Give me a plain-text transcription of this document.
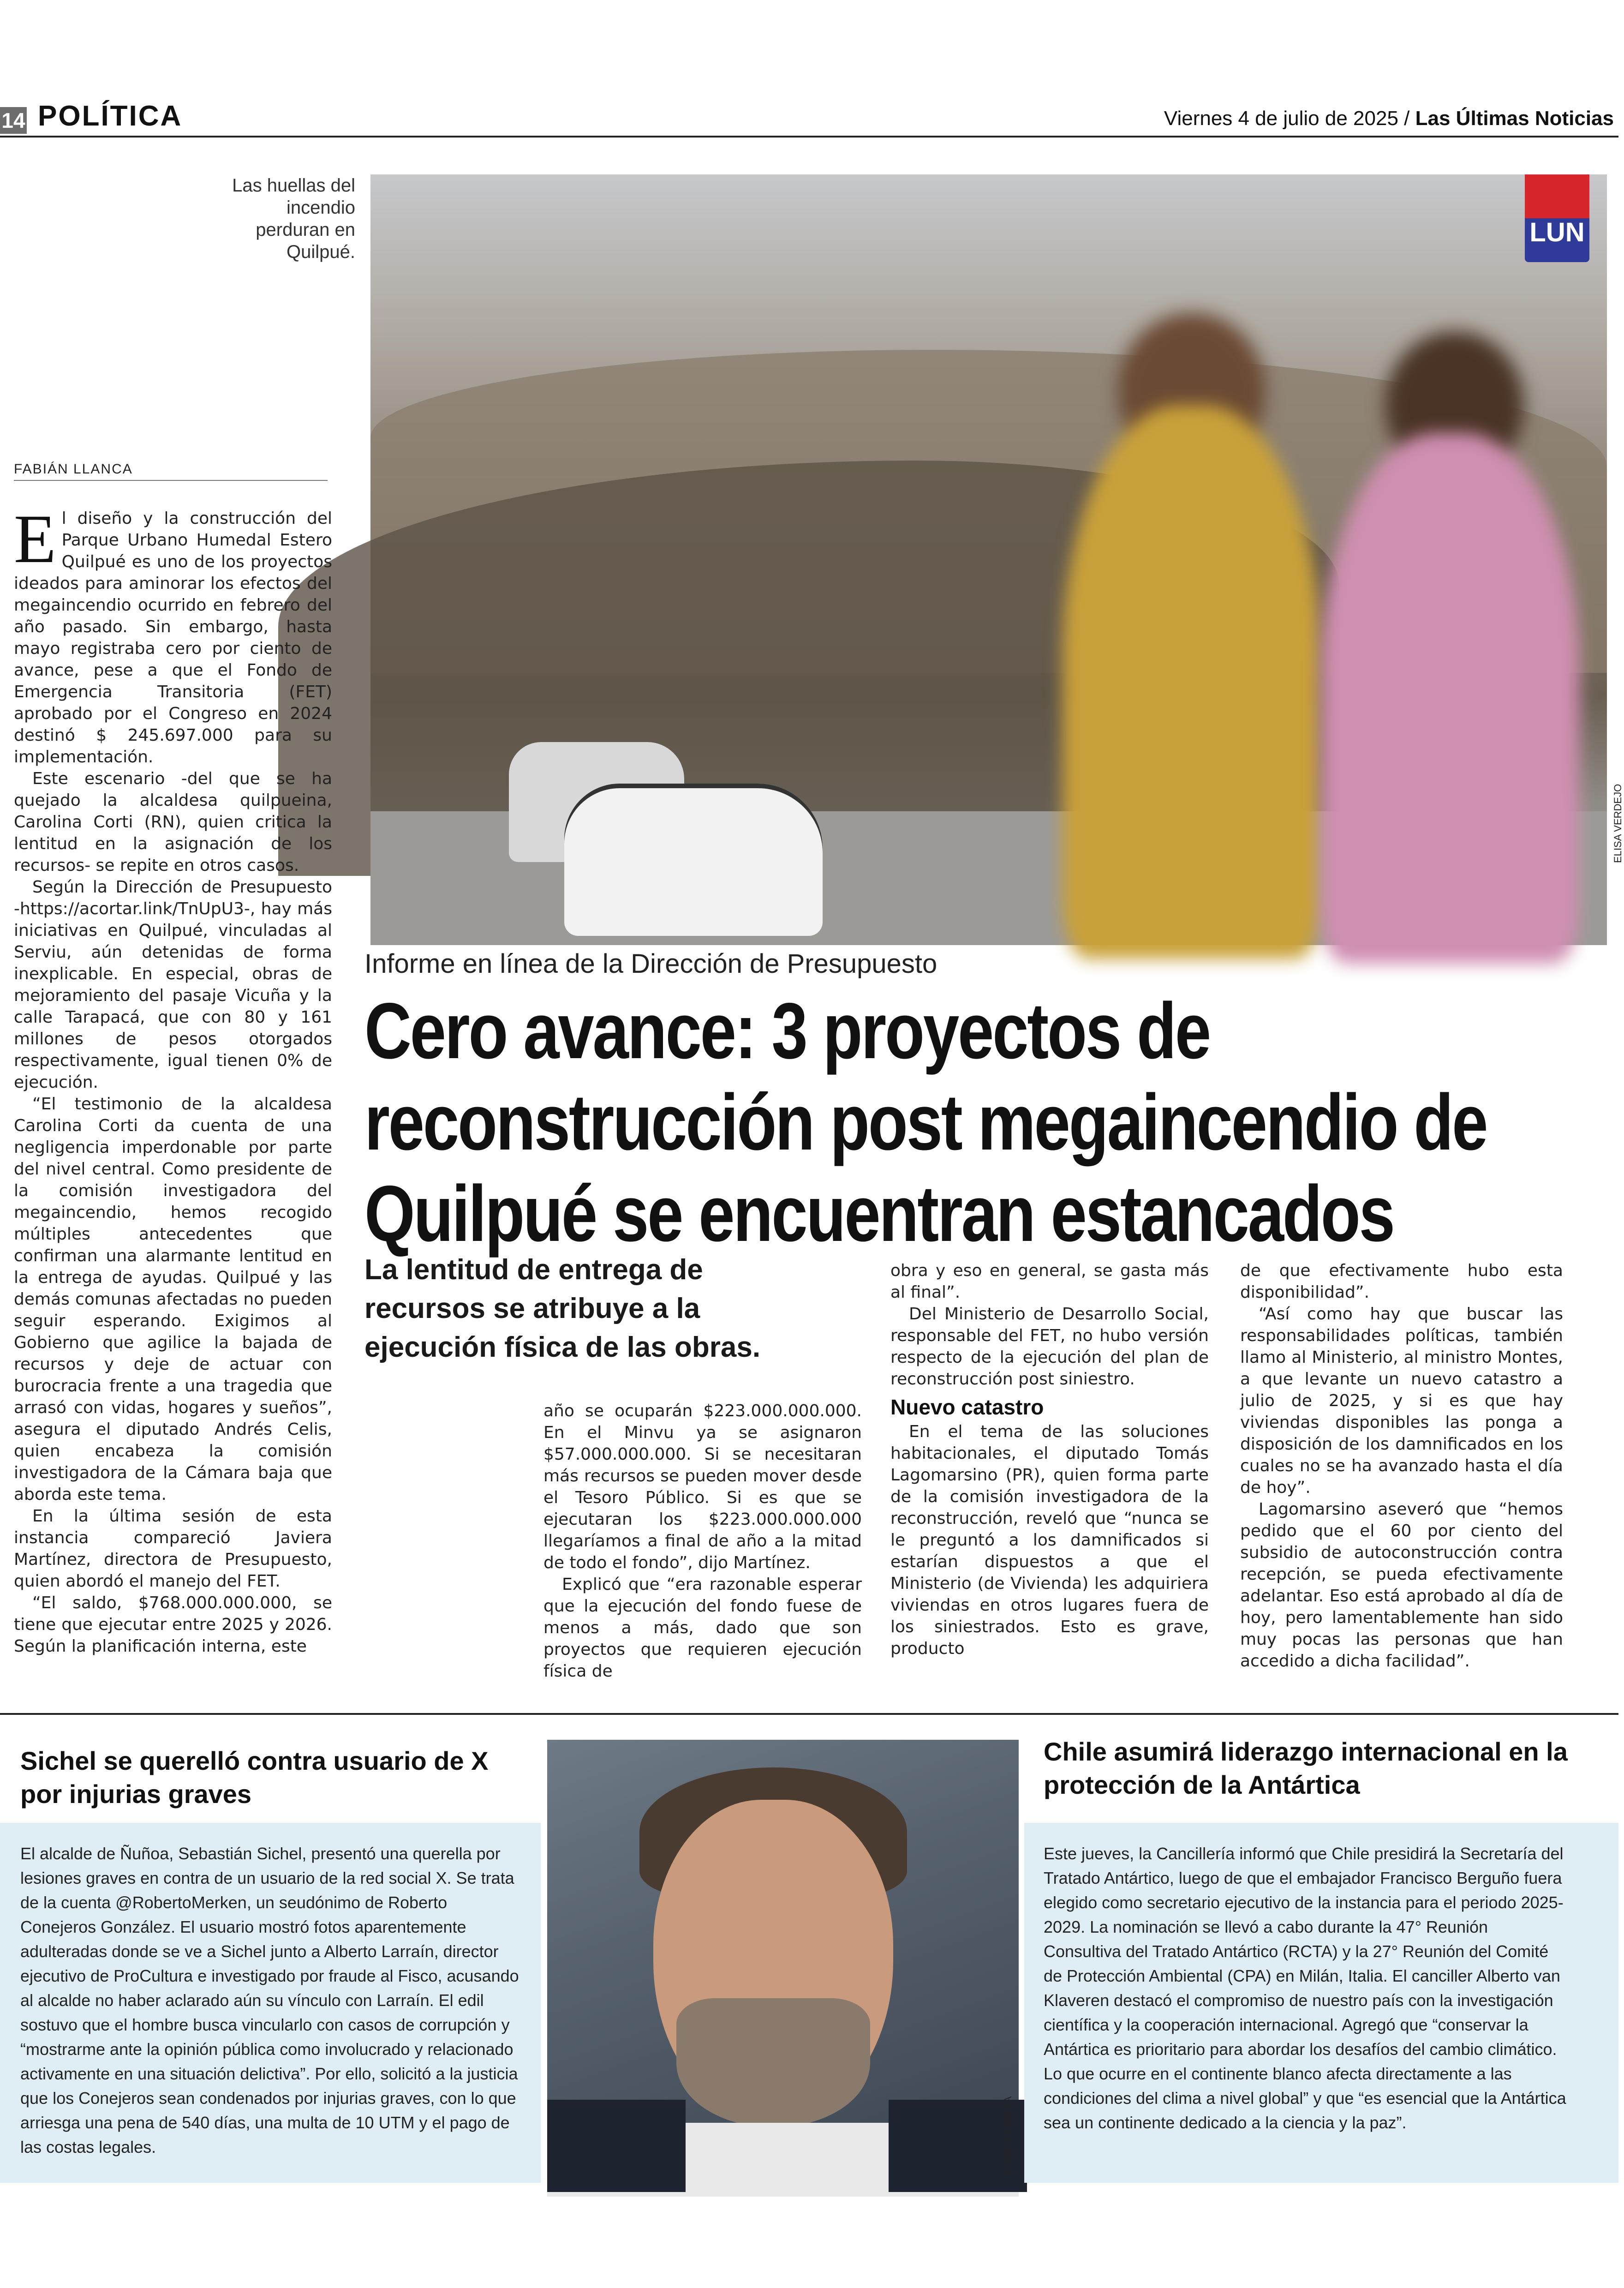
14 POLÍTICA	Viernes 4 de julio de 2025 / Las Últimas Noticias
Las huellas del incendio perduran en Quilpué.
LUN
ELISA VERDEJO
FABIÁN LLANCA

El diseño y la construcción del Parque Urbano Humedal Estero Quilpué es uno de los proyectos ideados para aminorar los efectos del megaincendio ocurrido en febrero del año pasado. Sin embargo, hasta mayo registraba cero por ciento de avance, pese a que el Fondo de Emergencia Transitoria (FET) aprobado por el Congreso en 2024 destinó $ 245.697.000 para su implementación.

Este escenario -del que se ha quejado la alcaldesa quilpueina, Carolina Corti (RN), quien critica la lentitud en la asignación de los recursos- se repite en otros casos.

Según la Dirección de Presupuesto -https://acortar.link/TnUpU3-, hay más iniciativas en Quilpué, vinculadas al Serviu, aún detenidas de forma inexplicable. En especial, obras de mejoramiento del pasaje Vicuña y la calle Tarapacá, que con 80 y 161 millones de pesos otorgados respectivamente, igual tienen 0% de ejecución.

“El testimonio de la alcaldesa Carolina Corti da cuenta de una negligencia imperdonable por parte del nivel central. Como presidente de la comisión investigadora del megaincendio, hemos recogido múltiples antecedentes que confirman una alarmante lentitud en la entrega de ayudas. Quilpué y las demás comunas afectadas no pueden seguir esperando. Exigimos al Gobierno que agilice la bajada de recursos y deje de actuar con burocracia frente a una tragedia que arrasó con vidas, hogares y sueños”, asegura el diputado Andrés Celis, quien encabeza la comisión investigadora de la Cámara baja que aborda este tema.

En la última sesión de esta instancia compareció Javiera Martínez, directora de Presupuesto, quien abordó el manejo del FET.

“El saldo, $768.000.000.000, se tiene que ejecutar entre 2025 y 2026. Según la planificación interna, este

Informe en línea de la Dirección de Presupuesto
Cero avance: 3 proyectos de reconstrucción post megaincendio de Quilpué se encuentran estancados
La lentitud de entrega de recursos se atribuye a la ejecución física de las obras.

año se ocuparán $223.000.000.000. En el Minvu ya se asignaron $57.000.000.000. Si se necesitaran más recursos se pueden mover desde el Tesoro Público. Si es que se ejecutaran los $223.000.000.000 llegaríamos a final de año a la mitad de todo el fondo”, dijo Martínez.

Explicó que “era razonable esperar que la ejecución del fondo fuese de menos a más, dado que son proyectos que requieren ejecución física de

obra y eso en general, se gasta más al final”.

Del Ministerio de Desarrollo Social, responsable del FET, no hubo versión respecto de la ejecución del plan de reconstrucción post siniestro.

Nuevo catastro

En el tema de las soluciones habitacionales, el diputado Tomás Lagomarsino (PR), quien forma parte de la comisión investigadora de la reconstrucción, reveló que “nunca se le preguntó a los damnificados si estarían dispuestos a que el Ministerio (de Vivienda) les adquiriera viviendas en otros lugares fuera de los siniestrados. Esto es grave, producto

de que efectivamente hubo esta disponibilidad”.

“Así como hay que buscar las responsabilidades políticas, también llamo al Ministerio, al ministro Montes, a que levante un nuevo catastro a julio de 2025, y si es que hay viviendas disponibles las ponga a disposición de los damnificados en los cuales no se ha avanzado hasta el día de hoy”.

Lagomarsino aseveró que “hemos pedido que el 60 por ciento del subsidio de autoconstrucción contra recepción, se pueda efectivamente adelantar. Eso está aprobado al día de hoy, pero lamentablemente han sido muy pocas las personas que han accedido a dicha facilidad”.

Sichel se querelló contra usuario de X por injurias graves
El alcalde de Ñuñoa, Sebastián Sichel, presentó una querella por lesiones graves en contra de un usuario de la red social X. Se trata de la cuenta @RobertoMerken, un seudónimo de Roberto Conejeros González. El usuario mostró fotos aparentemente adulteradas donde se ve a Sichel junto a Alberto Larraín, director ejecutivo de ProCultura e investigado por fraude al Fisco, acusando al alcalde no haber aclarado aún su vínculo con Larraín. El edil sostuvo que el hombre busca vincularlo con casos de corrupción y “mostrarme ante la opinión pública como involucrado y relacionado activamente en una situación delictiva”. Por ello, solicitó a la justicia que los Conejeros sean condenados por injurias graves, con lo que arriesga una pena de 540 días, una multa de 10 UTM y el pago de las costas legales.	RUBÉN GARCÍA
Chile asumirá liderazgo internacional en la protección de la Antártica
Este jueves, la Cancillería informó que Chile presidirá la Secretaría del Tratado Antártico, luego de que el embajador Francisco Berguño fuera elegido como secretario ejecutivo de la instancia para el periodo 2025-2029. La nominación se llevó a cabo durante la 47° Reunión Consultiva del Tratado Antártico (RCTA) y la 27° Reunión del Comité de Protección Ambiental (CPA) en Milán, Italia. El canciller Alberto van Klaveren destacó el compromiso de nuestro país con la investigación científica y la cooperación internacional. Agregó que “conservar la Antártica es prioritario para abordar los desafíos del cambio climático. Lo que ocurre en el continente blanco afecta directamente a las condiciones del clima a nivel global” y que “es esencial que la Antártica sea un continente dedicado a la ciencia y la paz”.
